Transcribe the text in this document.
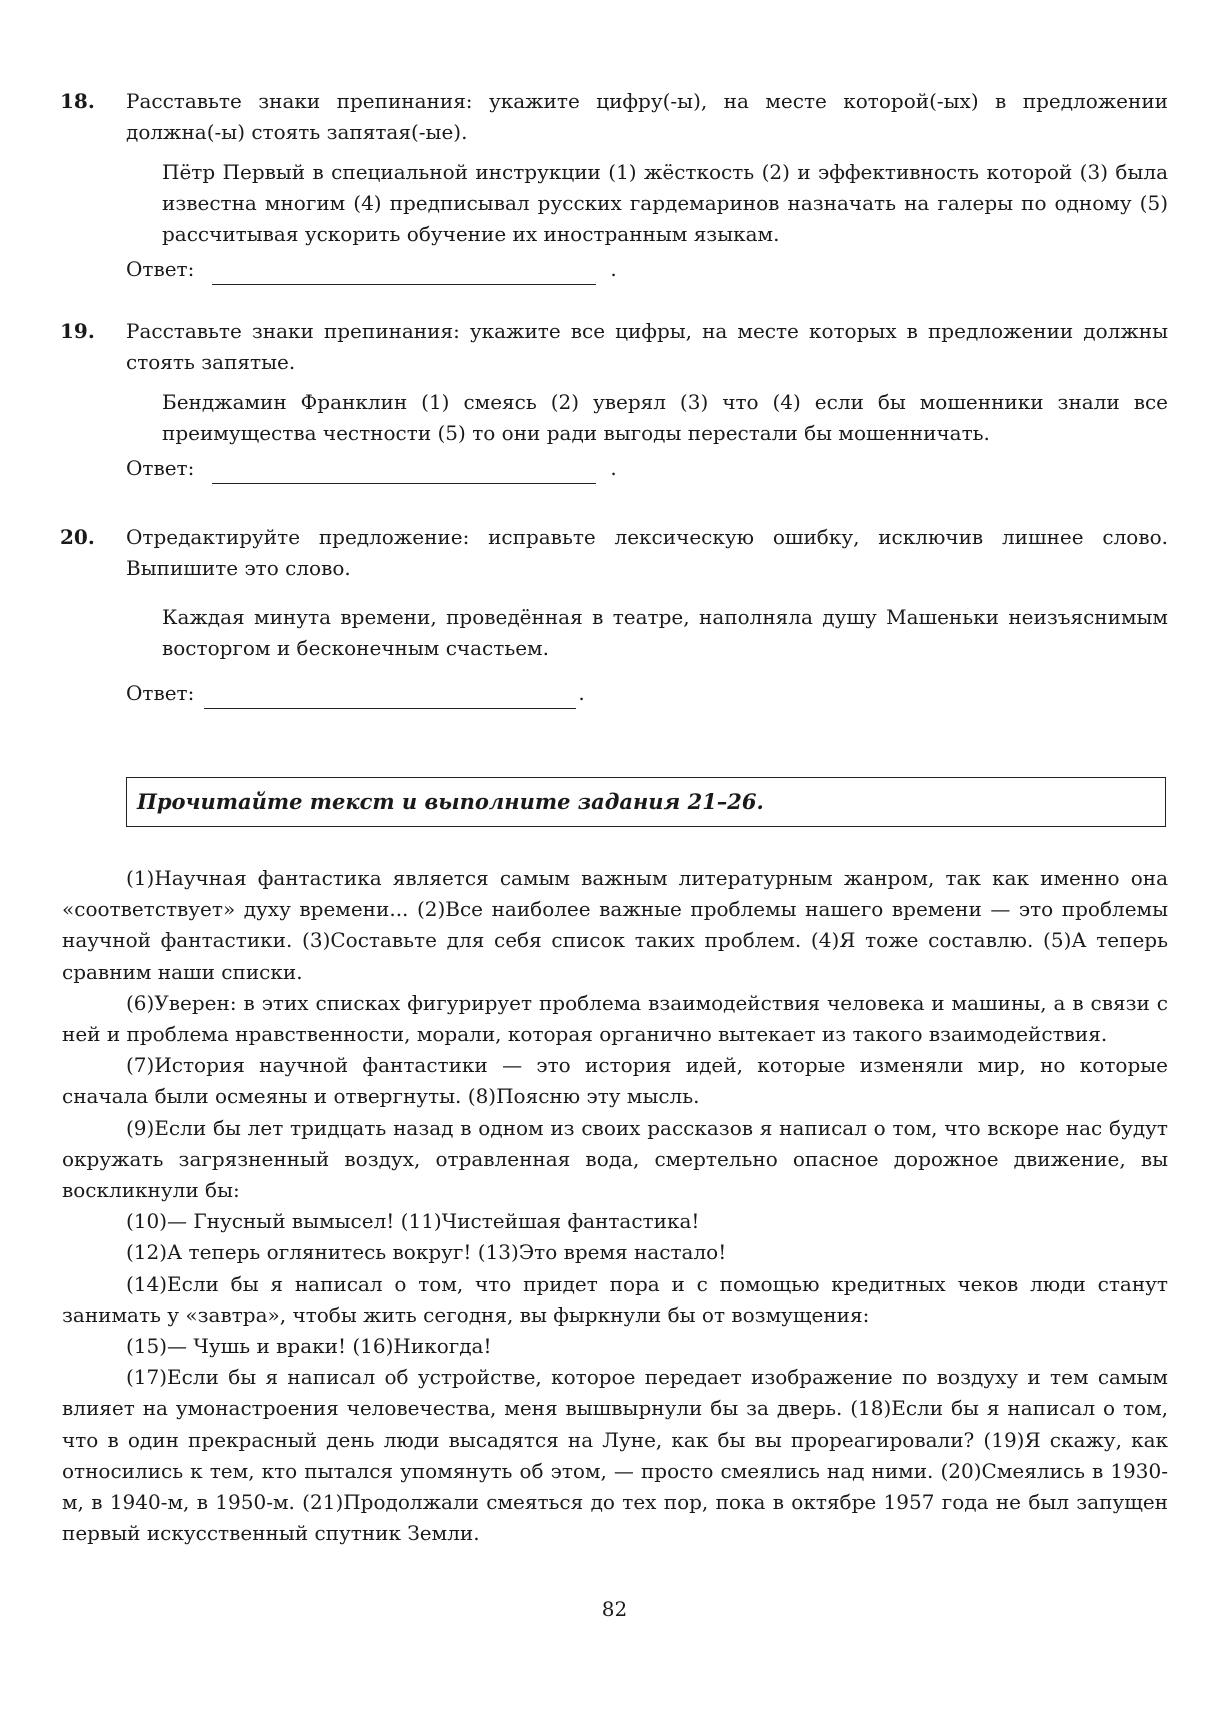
18. Расставьте знаки препинания: укажите цифру(-ы), на месте которой(-ых) в предложении должна(-ы) стоять запятая(-ые).
Пётр Первый в специальной инструкции (1) жёсткость (2) и эффективность которой (3) была известна многим (4) предписывал русских гардемаринов назначать на галеры по одному (5) рассчитывая ускорить обучение их иностранным языкам.
Ответ:	.
19. Расставьте знаки препинания: укажите все цифры, на месте которых в предложении должны стоять запятые.
Бенджамин Франклин (1) смеясь (2) уверял (3) что (4) если бы мошенники знали все преимущества честности (5) то они ради выгоды перестали бы мошенничать.
Ответ:	.
20. Отредактируйте предложение: исправьте лексическую ошибку, исключив лишнее слово. Выпишите это слово.
Каждая минута времени, проведённая в театре, наполняла душу Машеньки неизъяснимым восторгом и бесконечным счастьем.
Ответ:	.
Прочитайте текст и выполните задания 21–26.

(1)Научная фантастика является самым важным литературным жанром, так как именно она «соответствует» духу времени... (2)Все наиболее важные проблемы нашего времени — это проблемы научной фантастики. (3)Составьте для себя список таких проблем. (4)Я тоже составлю. (5)А теперь сравним наши списки.

(6)Уверен: в этих списках фигурирует проблема взаимодействия человека и машины, а в связи с ней и проблема нравственности, морали, которая органично вытекает из такого взаимодействия.

(7)История научной фантастики — это история идей, которые изменяли мир, но которые сначала были осмеяны и отвергнуты. (8)Поясню эту мысль.

(9)Если бы лет тридцать назад в одном из своих рассказов я написал о том, что вскоре нас будут окружать загрязненный воздух, отравленная вода, смертельно опасное дорожное движение, вы воскликнули бы:

(10)— Гнусный вымысел! (11)Чистейшая фантастика!

(12)А теперь оглянитесь вокруг! (13)Это время настало!

(14)Если бы я написал о том, что придет пора и с помощью кредитных чеков люди станут занимать у «завтра», чтобы жить сегодня, вы фыркнули бы от возмущения:

(15)— Чушь и враки! (16)Никогда!

(17)Если бы я написал об устройстве, которое передает изображение по воздуху и тем самым влияет на умонастроения человечества, меня вышвырнули бы за дверь. (18)Если бы я написал о том, что в один прекрасный день люди высадятся на Луне, как бы вы прореагировали? (19)Я скажу, как относились к тем, кто пытался упомянуть об этом, — просто смеялись над ними. (20)Смеялись в 1930-м, в 1940-м, в 1950-м. (21)Продолжали смеяться до тех пор, пока в октябре 1957 года не был запущен первый искусственный спутник Земли.

82
